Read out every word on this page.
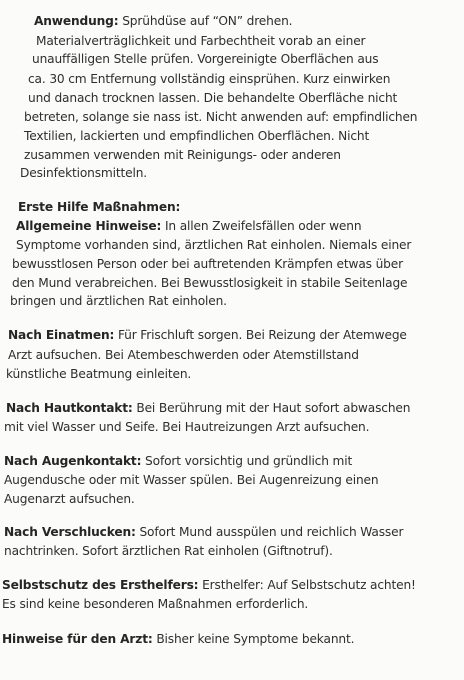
Anwendung: Sprühdüse auf “ON” drehen.
Materialverträglichkeit und Farbechtheit vorab an einer
unauffälligen Stelle prüfen. Vorgereinigte Oberflächen aus
ca. 30 cm Entfernung vollständig einsprühen. Kurz einwirken
und danach trocknen lassen. Die behandelte Oberfläche nicht
betreten, solange sie nass ist. Nicht anwenden auf: empfindlichen
Textilien, lackierten und empfindlichen Oberflächen. Nicht
zusammen verwenden mit Reinigungs- oder anderen
Desinfektionsmitteln.
Erste Hilfe Maßnahmen:
Allgemeine Hinweise: In allen Zweifelsfällen oder wenn
Symptome vorhanden sind, ärztlichen Rat einholen. Niemals einer
bewusstlosen Person oder bei auftretenden Krämpfen etwas über
den Mund verabreichen. Bei Bewusstlosigkeit in stabile Seitenlage
bringen und ärztlichen Rat einholen.
Nach Einatmen: Für Frischluft sorgen. Bei Reizung der Atemwege
Arzt aufsuchen. Bei Atembeschwerden oder Atemstillstand
künstliche Beatmung einleiten.
Nach Hautkontakt: Bei Berührung mit der Haut sofort abwaschen
mit viel Wasser und Seife. Bei Hautreizungen Arzt aufsuchen.
Nach Augenkontakt: Sofort vorsichtig und gründlich mit
Augendusche oder mit Wasser spülen. Bei Augenreizung einen
Augenarzt aufsuchen.
Nach Verschlucken: Sofort Mund ausspülen und reichlich Wasser
nachtrinken. Sofort ärztlichen Rat einholen (Giftnotruf).
Selbstschutz des Ersthelfers: Ersthelfer: Auf Selbstschutz achten!
Es sind keine besonderen Maßnahmen erforderlich.
Hinweise für den Arzt: Bisher keine Symptome bekannt.
